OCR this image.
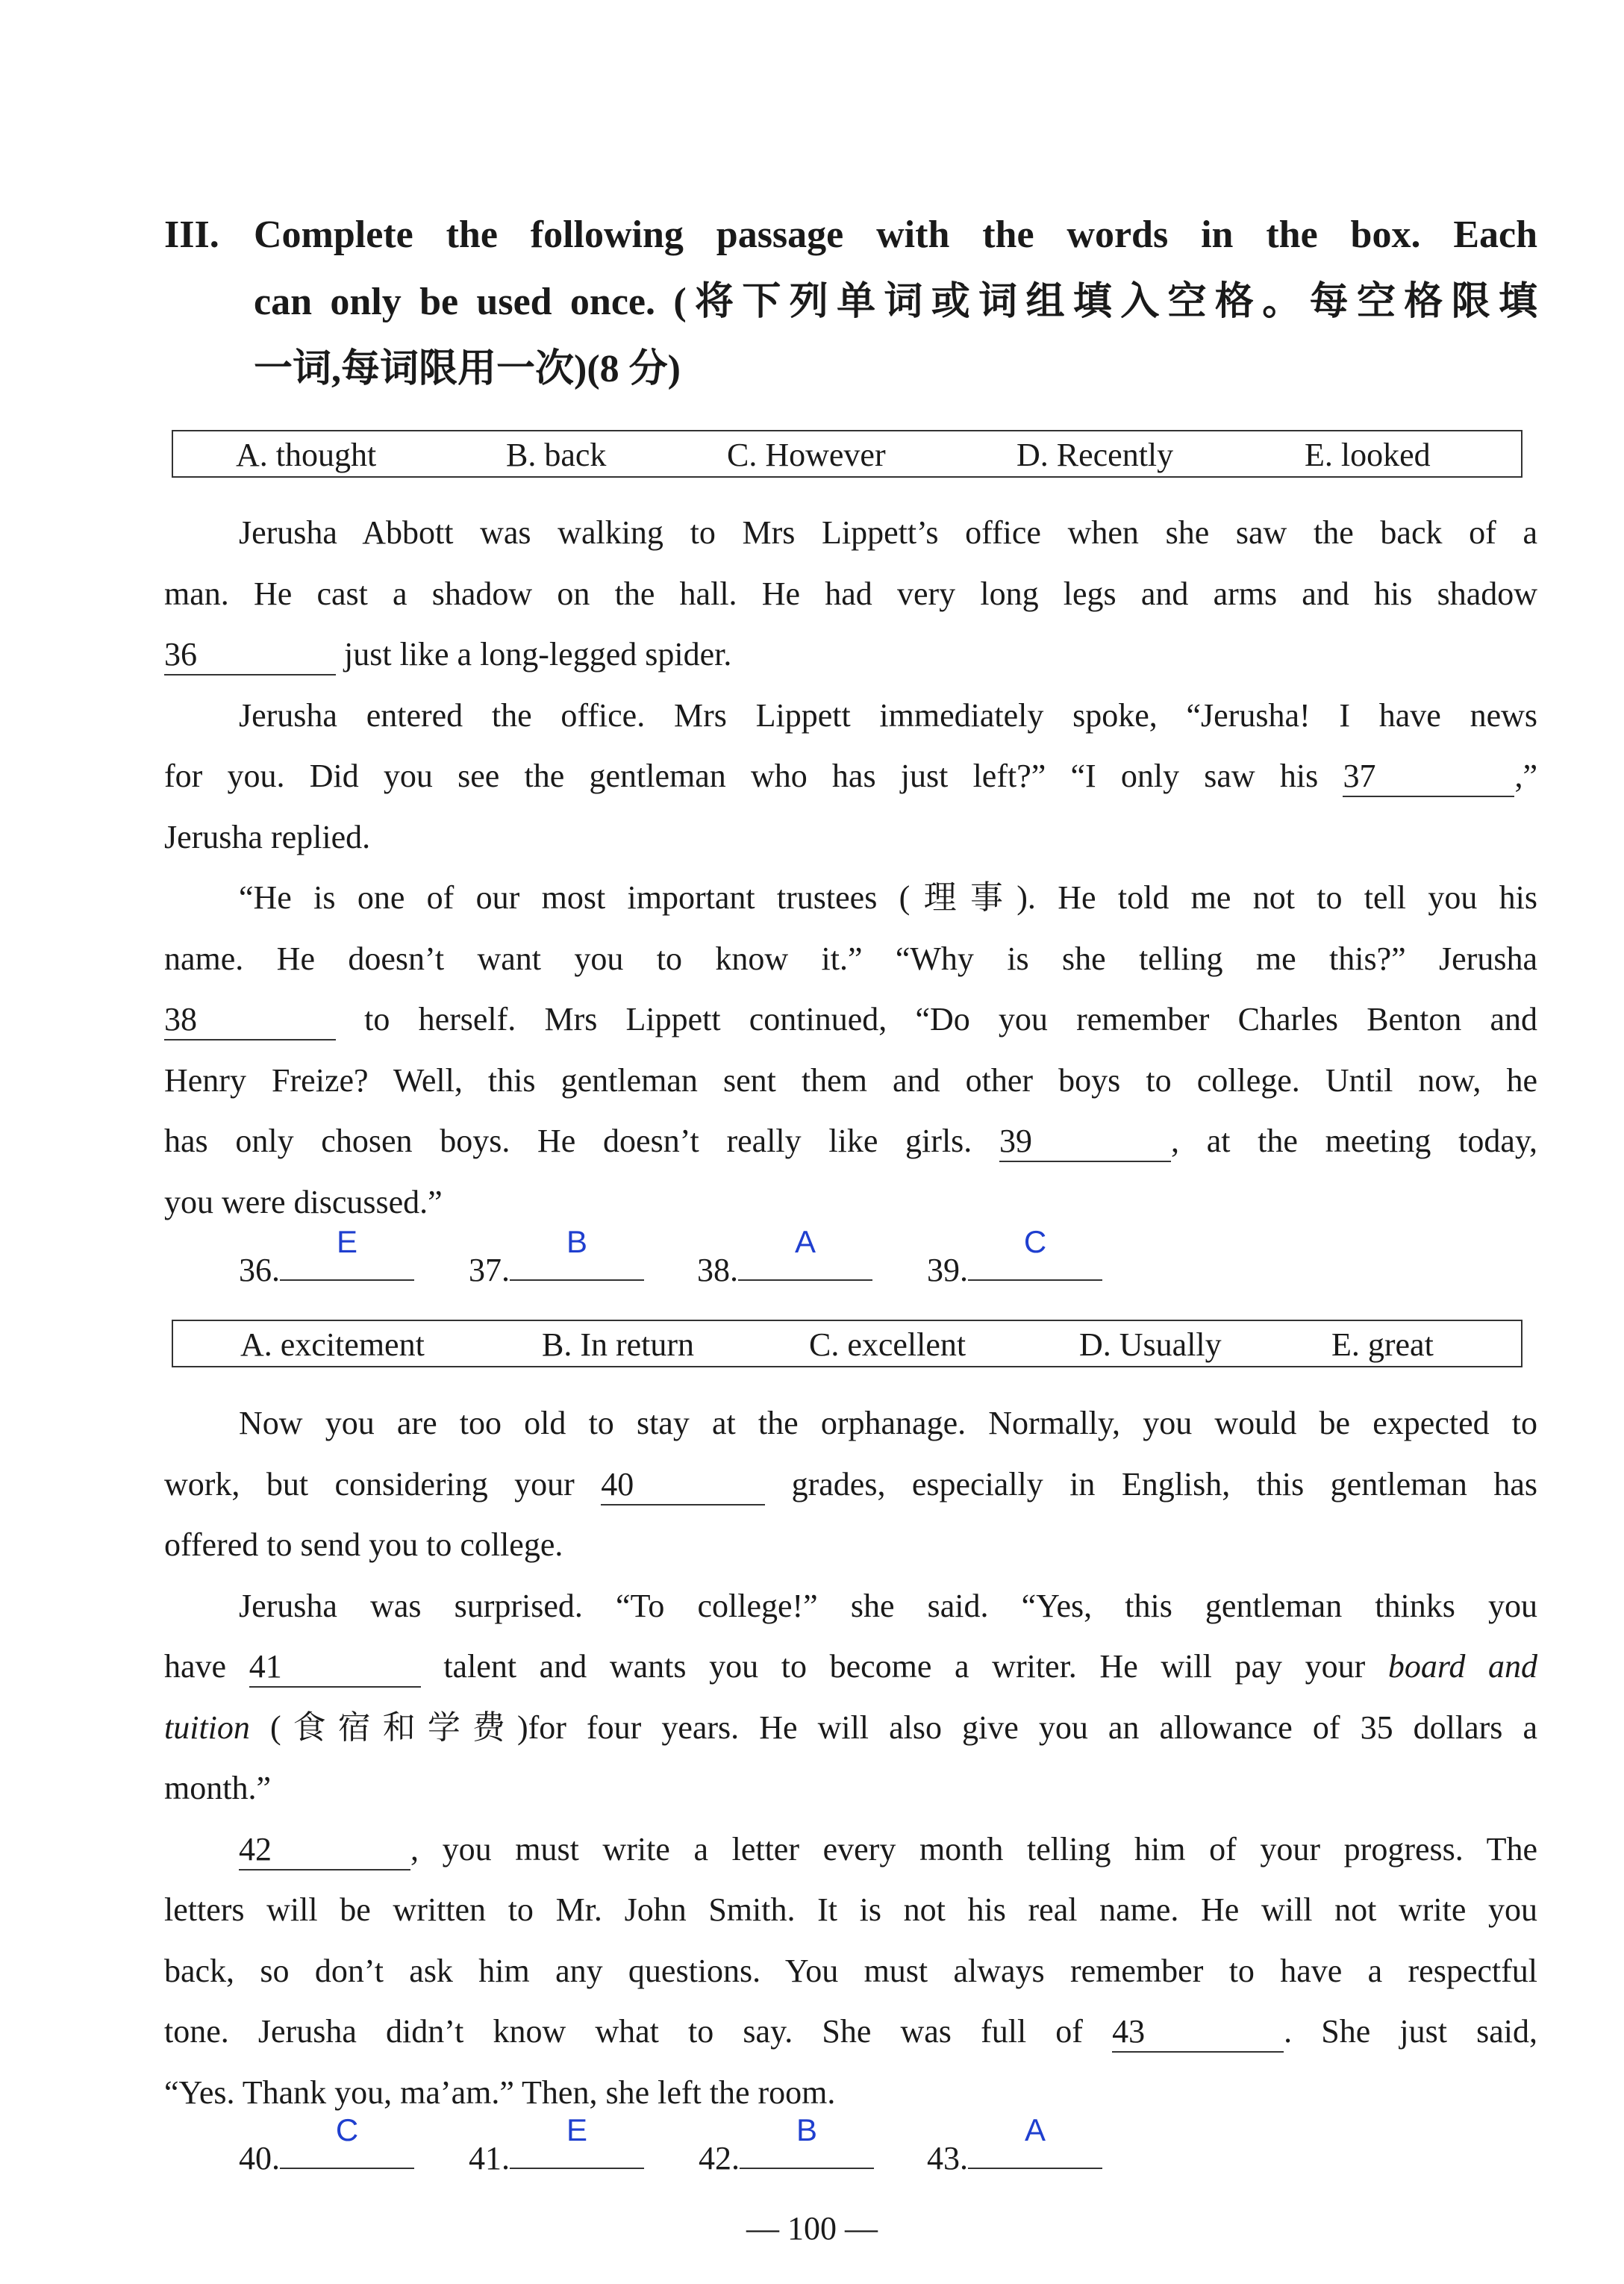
III. Complete the following passage with the words in the box. Each
can only be used once. (将下列单词或词组填入空格。每空格限填
一词,每词限用一次)(8 分)
A. thought	B. back	C. However	D. Recently	E. looked
Jerusha Abbott was walking to Mrs Lippett’s office when she saw the back of a
man. He cast a shadow on the hall. He had very long legs and arms and his shadow
36	just like a long-legged spider.
Jerusha entered the office. Mrs Lippett immediately spoke, “Jerusha! I have news
for you. Did you see the gentleman who has just left?” “I only saw his 37	,”
Jerusha replied.
“He is one of our most important trustees (理事). He told me not to tell you his
name. He doesn’t want you to know it.” “Why is she telling me this?” Jerusha
38	to herself. Mrs Lippett continued, “Do you remember Charles Benton and
Henry Freize? Well, this gentleman sent them and other boys to college. Until now, he
has only chosen boys. He doesn’t really like girls. 39	, at the meeting today,
you were discussed.”
36.
E
37.
B
38.
A
39.
C
A. excitement	B. In return	C. excellent	D. Usually	E. great
Now you are too old to stay at the orphanage. Normally, you would be expected to
work, but considering your 40	grades, especially in English, this gentleman has
offered to send you to college.
Jerusha was surprised. “To college!” she said. “Yes, this gentleman thinks you
have 41	talent and wants you to become a writer. He will pay your board and
tuition (食宿和学费)for four years. He will also give you an allowance of 35 dollars a
month.”
42	, you must write a letter every month telling him of your progress. The
letters will be written to Mr. John Smith. It is not his real name. He will not write you
back, so don’t ask him any questions. You must always remember to have a respectful
tone. Jerusha didn’t know what to say. She was full of 43	. She just said,
“Yes. Thank you, ma’am.” Then, she left the room.
40.
C
41.
E
42.
B
43.
A
— 100 —
